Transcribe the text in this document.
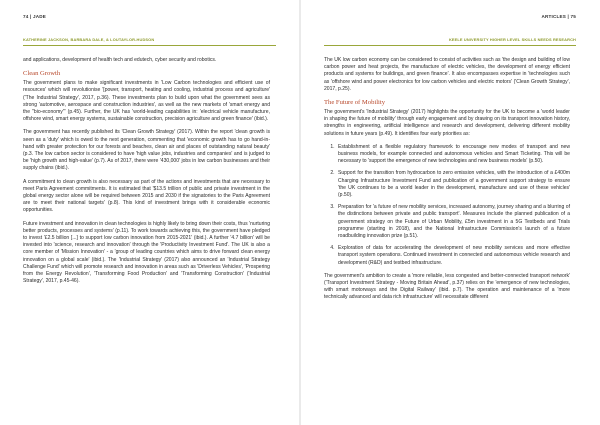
74 | JADE
KATHERINE JACKSON, BARBARA DALE, & LOUTAYLOR-HUDSON

and applications, development of health tech and edutech, cyber security and robotics.

Clean Growth

The government plans to make significant investments in 'Low Carbon technologies and efficient use of resources' which will revolutionise '[power, transport, heating and cooling, industrial process and agriculture' ('The Industrial Strategy', 2017, p.36). These investments plan to build upon what the government sees as strong 'automotive, aerospace and construction industries', as well as the new markets of 'smart energy and the "bio-economy"' (p.45). Further, the UK has 'world-leading capabilities in: 'electrical vehicle manufacture, offshore wind, smart energy systems, sustainable construction, precision agriculture and green finance' (ibid.).

The government has recently published its 'Clean Growth Strategy' (2017). Within the report 'clean growth is seen as a 'duty' which is owed to the next generation, commenting that 'economic growth has to go hand-in-hand with greater protection for our forests and beaches, clean air and places of outstanding natural beauty' (p.3. The low carbon sector is considered to have 'high value jobs, industries and companies' and is judged to be 'high growth and high-value' (p.7). As of 2017, there were '430,000' jobs in low carbon businesses and their supply chains (ibid.).

A commitment to clean growth is also necessary as part of the actions and investments that are necessary to meet Paris Agreement commitments. It is estimated that '$13.5 trillion of public and private investment in the global energy sector alone will be required between 2015 and 2030 if the signatories to the Paris Agreement are to meet their national targets' (p.8). This kind of investment brings with it considerable economic opportunities.

Future investment and innovation in clean technologies is highly likely to bring down their costs, thus 'nurturing better products, processes and systems' (p.11). To work towards achieving this, the government have pledged to invest '£2.5 billion [...] to support low carbon innovation from 2015-2021' (ibid.). A further '4.7 billion' will be invested into 'science, research and innovation' through the 'Productivity Investment Fund'. The UK is also a core member of 'Mission Innovation' - a 'group of leading countries which aims to drive forward clean energy innovation on a global scale' (ibid.). The 'Industrial Strategy' (2017) also announced an 'Industrial Strategy Challenge Fund' which will promote research and innovation in areas such as 'Driverless Vehicles', 'Prospering from the Energy Revolution', 'Transforming Food Production' and 'Transforming Construction' ('Industrial Strategy', 2017, p.45-46).

ARTICLES | 75
KEELE UNIVERSITY HIGHER LEVEL SKILLS NEEDS RESEARCH

The UK low carbon economy can be considered to consist of activities such as 'the design and building of low carbon power and heat projects, the manufacture of electric vehicles, the development of energy efficient products and systems for buildings, and green finance'. It also encompasses expertise in 'technologies such as 'offshore wind and power electronics for low carbon vehicles and electric motors' ('Clean Growth Strategy', 2017, p.25).

The Future of Mobility

The government's 'Industrial Strategy' (2017) highlights the opportunity for the UK to become a 'world leader in shaping the future of mobility' through early engagement and by drawing on its transport innovation history, strengths in engineering, artificial intelligence and research and development, delivering different mobility solutions in future years (p.49). It identifies four early priorities as:

1. Establishment of a flexible regulatory framework to encourage new modes of transport and new business models, for example connected and autonomous vehicles and Smart Ticketing. This will be necessary to 'support the emergence of new technologies and new business models' (p.50).
2. Support for the transition from hydrocarbon to zero emission vehicles, with the introduction of a £400m Charging Infrastructure Investment Fund and publication of a government support strategy to ensure 'the UK continues to be a world leader in the development, manufacture and use of these vehicles' (p.50).
3. Preparation for 'a future of new mobility services, increased autonomy, journey sharing and a blurring of the distinctions between private and public transport'. Measures include the planned publication of a government strategy on the Future of Urban Mobility, £5m investment in a 5G Testbeds and Trials programme (starting in 2018), and the National Infrastructure Commission's launch of a future roadbuilding innovation prize (p.51).
4. Exploration of data for accelerating the development of new mobility services and more effective transport system operations. Continued investment in connected and autonomous vehicle research and development (R&D) and testbed infrastructure.

The government's ambition to create a 'more reliable, less congested and better-connected transport network' ('Transport Investment Strategy - Moving Britain Ahead', p.37) relies on the 'emergence of new technologies, with smart motorways and the Digital Railway' (ibid. p.7). The operation and maintenance of a 'more technically advanced and data rich infrastructure' will necessitate different
